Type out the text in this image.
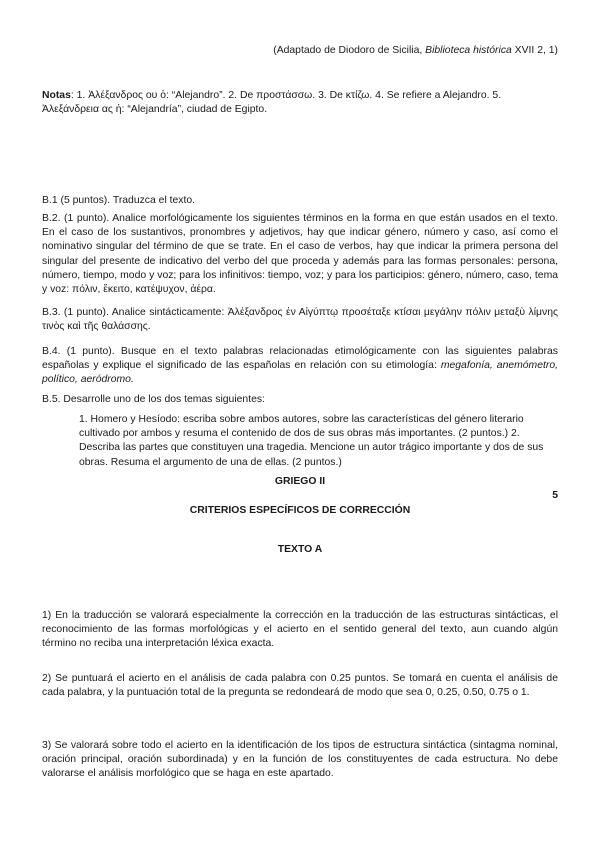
(Adaptado de Diodoro de Sicilia, Biblioteca histórica XVII 2, 1)
Notas: 1. Ἀλέξανδρος ου ὁ: “Alejandro”. 2. De προστάσσω. 3. De κτίζω. 4. Se refiere a Alejandro. 5. Ἀλεξάνδρεια ας ἡ: “Alejandría”, ciudad de Egipto.
B.1 (5 puntos). Traduzca el texto.
B.2. (1 punto). Analice morfológicamente los siguientes términos en la forma en que están usados en el texto. En el caso de los sustantivos, pronombres y adjetivos, hay que indicar género, número y caso, así como el nominativo singular del término de que se trate. En el caso de verbos, hay que indicar la primera persona del singular del presente de indicativo del verbo del que proceda y además para las formas personales: persona, número, tiempo, modo y voz; para los infinitivos: tiempo, voz; y para los participios: género, número, caso, tema y voz: πόλιν, ἔκειτο, κατέψυχον, ἀέρα.
B.3. (1 punto). Analice sintácticamente: Ἀλέξανδρος ἐν Αἰγύπτῳ προσέταξε κτίσαι μεγάλην πόλιν μεταξὺ λίμνης τινὸς καὶ τῆς θαλάσσης.
B.4. (1 punto). Busque en el texto palabras relacionadas etimológicamente con las siguientes palabras españolas y explique el significado de las españolas en relación con su etimología: megafonía, anemómetro, político, aeródromo.
B.5. Desarrolle uno de los dos temas siguientes:
1. Homero y Hesíodo: escriba sobre ambos autores, sobre las características del género literario cultivado por ambos y resuma el contenido de dos de sus obras más importantes. (2 puntos.) 2. Describa las partes que constituyen una tragedia. Mencione un autor trágico importante y dos de sus obras. Resuma el argumento de una de ellas. (2 puntos.)
GRIEGO II
5
CRITERIOS ESPECÍFICOS DE CORRECCIÓN
TEXTO A
1) En la traducción se valorará especialmente la corrección en la traducción de las estructuras sintácticas, el reconocimiento de las formas morfológicas y el acierto en el sentido general del texto, aun cuando algún término no reciba una interpretación léxica exacta.
2) Se puntuará el acierto en el análisis de cada palabra con 0.25 puntos. Se tomará en cuenta el análisis de cada palabra, y la puntuación total de la pregunta se redondeará de modo que sea 0, 0.25, 0.50, 0.75 o 1.
3) Se valorará sobre todo el acierto en la identificación de los tipos de estructura sintáctica (sintagma nominal, oración principal, oración subordinada) y en la función de los constituyentes de cada estructura. No debe valorarse el análisis morfológico que se haga en este apartado.
